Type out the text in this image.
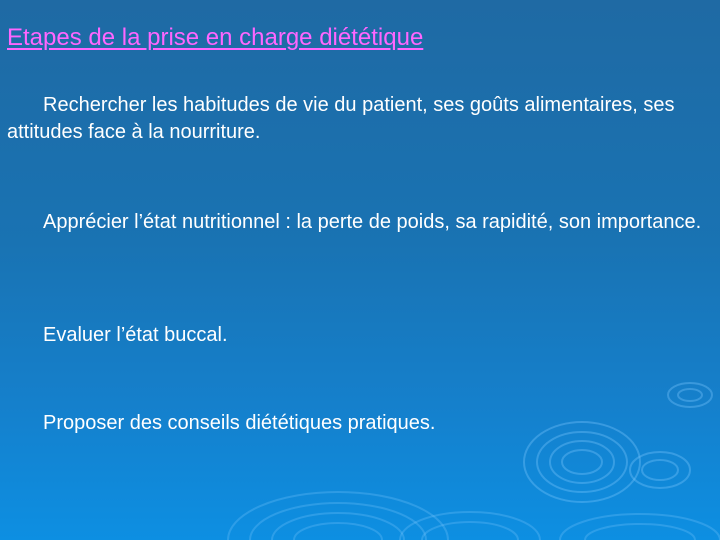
Etapes de la prise en charge diététique

Rechercher les habitudes de vie du patient, ses goûts alimentaires, ses attitudes face à la nourriture.

Apprécier l’état nutritionnel : la perte de poids, sa rapidité, son importance.

Evaluer l’état buccal.

Proposer des conseils diététiques pratiques.
